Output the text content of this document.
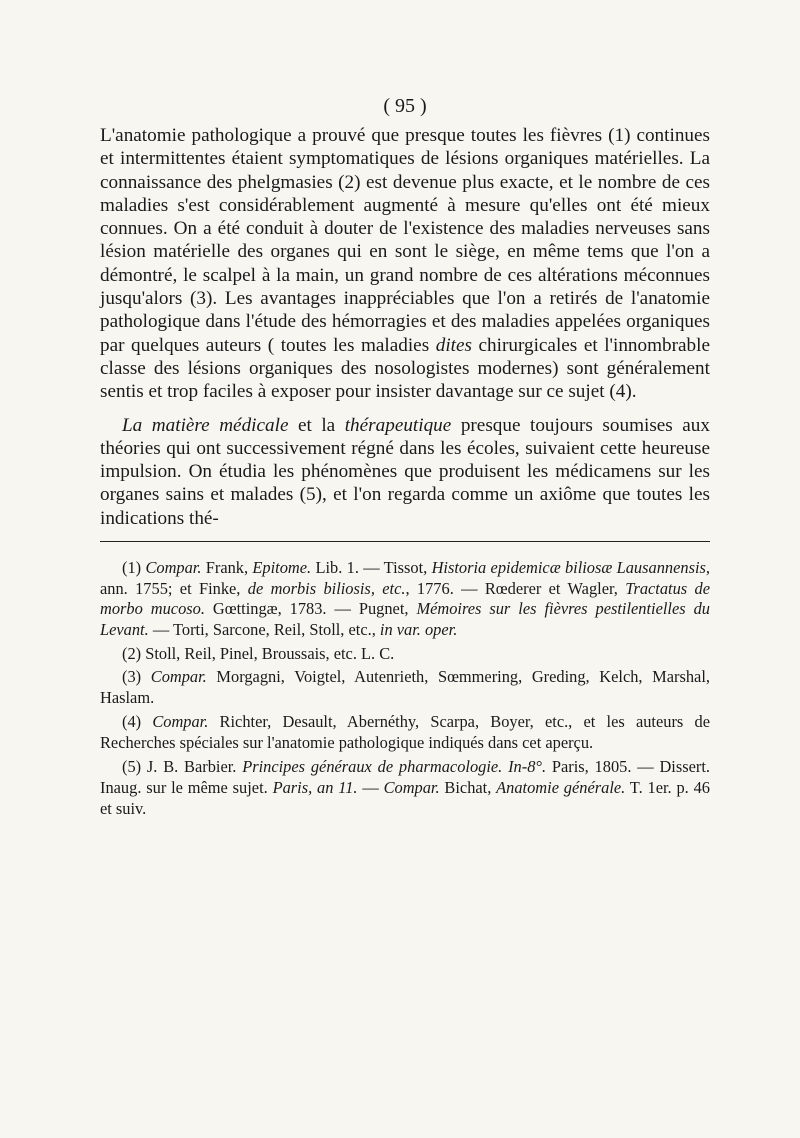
( 95 )

L'anatomie pathologique a prouvé que presque toutes les fièvres (1) continues et intermittentes étaient symptomatiques de lésions organiques matérielles. La connaissance des phelgmasies (2) est devenue plus exacte, et le nombre de ces maladies s'est considérablement augmenté à mesure qu'elles ont été mieux connues. On a été conduit à douter de l'existence des maladies nerveuses sans lésion matérielle des organes qui en sont le siège, en même tems que l'on a démontré, le scalpel à la main, un grand nombre de ces altérations méconnues jusqu'alors (3). Les avantages inappréciables que l'on a retirés de l'anatomie pathologique dans l'étude des hémorragies et des maladies appelées organiques par quelques auteurs ( toutes les maladies dites chirurgicales et l'innombrable classe des lésions organiques des nosologistes modernes) sont généralement sentis et trop faciles à exposer pour insister davantage sur ce sujet (4).

La matière médicale et la thérapeutique presque toujours soumises aux théories qui ont successivement régné dans les écoles, suivaient cette heureuse impulsion. On étudia les phénomènes que produisent les médicamens sur les organes sains et malades (5), et l'on regarda comme un axiôme que toutes les indications thé-

(1) Compar. Frank, Epitome. Lib. 1. — Tissot, Historia epidemicæ biliosæ Lausannensis, ann. 1755; et Finke, de morbis biliosis, etc., 1776. — Rœderer et Wagler, Tractatus de morbo mucoso. Gœttingæ, 1783. — Pugnet, Mémoires sur les fièvres pestilentielles du Levant. — Torti, Sarcone, Reil, Stoll, etc., in var. oper.

(2) Stoll, Reil, Pinel, Broussais, etc. L. C.

(3) Compar. Morgagni, Voigtel, Autenrieth, Sœmmering, Greding, Kelch, Marshal, Haslam.

(4) Compar. Richter, Desault, Abernéthy, Scarpa, Boyer, etc., et les auteurs de Recherches spéciales sur l'anatomie pathologique indiqués dans cet aperçu.

(5) J. B. Barbier. Principes généraux de pharmacologie. In-8°. Paris, 1805. — Dissert. Inaug. sur le même sujet. Paris, an 11. — Compar. Bichat, Anatomie générale. T. 1er. p. 46 et suiv.
